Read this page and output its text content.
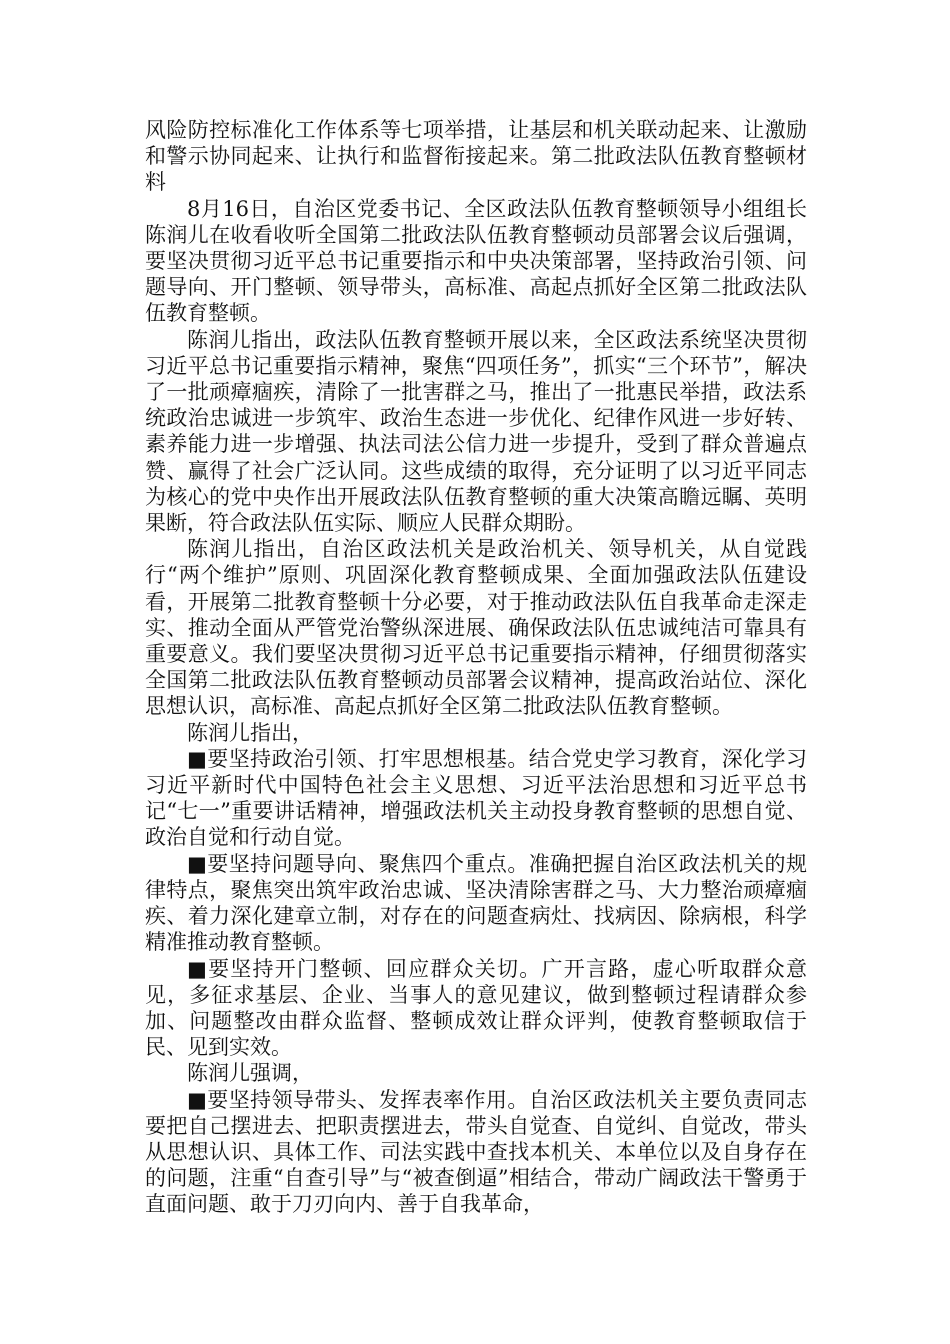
风险防控标准化工作体系等七项举措，让基层和机关联动起来、让激励和警示协同起来、让执行和监督衔接起来。第二批政法队伍教育整顿材料

8月16日，自治区党委书记、全区政法队伍教育整顿领导小组组长陈润儿在收看收听全国第二批政法队伍教育整顿动员部署会议后强调，要坚决贯彻习近平总书记重要指示和中央决策部署，坚持政治引领、问题导向、开门整顿、领导带头，高标准、高起点抓好全区第二批政法队伍教育整顿。

陈润儿指出，政法队伍教育整顿开展以来，全区政法系统坚决贯彻习近平总书记重要指示精神，聚焦“四项任务”，抓实“三个环节”，解决了一批顽瘴痼疾，清除了一批害群之马，推出了一批惠民举措，政法系统政治忠诚进一步筑牢、政治生态进一步优化、纪律作风进一步好转、素养能力进一步增强、执法司法公信力进一步提升，受到了群众普遍点赞、赢得了社会广泛认同。这些成绩的取得，充分证明了以习近平同志为核心的党中央作出开展政法队伍教育整顿的重大决策高瞻远瞩、英明果断，符合政法队伍实际、顺应人民群众期盼。

陈润儿指出，自治区政法机关是政治机关、领导机关，从自觉践行“两个维护”原则、巩固深化教育整顿成果、全面加强政法队伍建设看，开展第二批教育整顿十分必要，对于推动政法队伍自我革命走深走实、推动全面从严管党治警纵深进展、确保政法队伍忠诚纯洁可靠具有重要意义。我们要坚决贯彻习近平总书记重要指示精神，仔细贯彻落实全国第二批政法队伍教育整顿动员部署会议精神，提高政治站位、深化思想认识，高标准、高起点抓好全区第二批政法队伍教育整顿。

陈润儿指出，

■要坚持政治引领、打牢思想根基。结合党史学习教育，深化学习习近平新时代中国特色社会主义思想、习近平法治思想和习近平总书记“七一”重要讲话精神，增强政法机关主动投身教育整顿的思想自觉、政治自觉和行动自觉。

■要坚持问题导向、聚焦四个重点。准确把握自治区政法机关的规律特点，聚焦突出筑牢政治忠诚、坚决清除害群之马、大力整治顽瘴痼疾、着力深化建章立制，对存在的问题查病灶、找病因、除病根，科学精准推动教育整顿。

■要坚持开门整顿、回应群众关切。广开言路，虚心听取群众意见，多征求基层、企业、当事人的意见建议，做到整顿过程请群众参加、问题整改由群众监督、整顿成效让群众评判，使教育整顿取信于民、见到实效。

陈润儿强调，

■要坚持领导带头、发挥表率作用。自治区政法机关主要负责同志要把自己摆进去、把职责摆进去，带头自觉查、自觉纠、自觉改，带头从思想认识、具体工作、司法实践中查找本机关、本单位以及自身存在的问题，注重“自查引导”与“被查倒逼”相结合，带动广阔政法干警勇于直面问题、敢于刀刃向内、善于自我革命，
